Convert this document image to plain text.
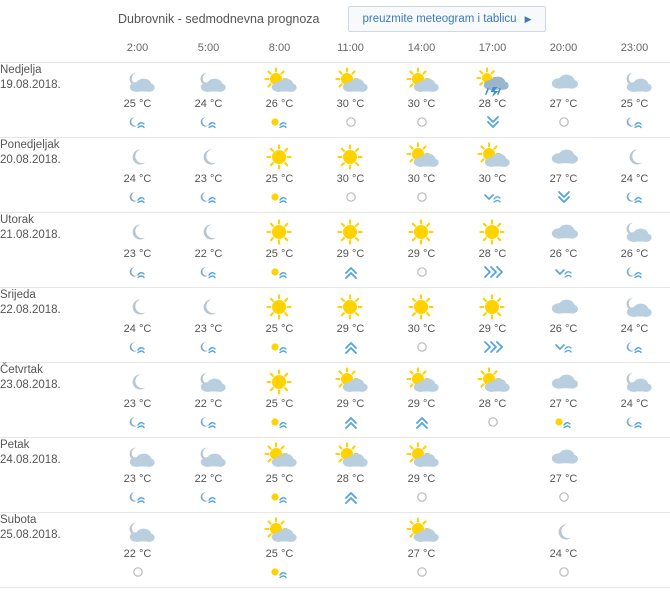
Dubrovnik - sedmodnevna prognoza	preuzmite meteogram i tablicu ▶
	2:00	5:00	8:00	11:00	14:00	17:00	20:00	23:00

Nedjelja
19.08.2018.	25 °C	24 °C	26 °C	30 °C	30 °C	28 °C	27 °C	25 °C

Ponedjeljak
20.08.2018.	24 °C	23 °C	25 °C	30 °C	30 °C	30 °C	27 °C	24 °C

Utorak
21.08.2018.	23 °C	22 °C	25 °C	29 °C	29 °C	28 °C	26 °C	26 °C

Srijeda
22.08.2018.	24 °C	23 °C	25 °C	29 °C	30 °C	29 °C	26 °C	24 °C

Četvrtak
23.08.2018.	23 °C	22 °C	25 °C	29 °C	29 °C	28 °C	27 °C	24 °C

Petak
24.08.2018.	23 °C	22 °C	25 °C	28 °C	29 °C		27 °C	

Subota
25.08.2018.	22 °C		25 °C		27 °C		24 °C	
